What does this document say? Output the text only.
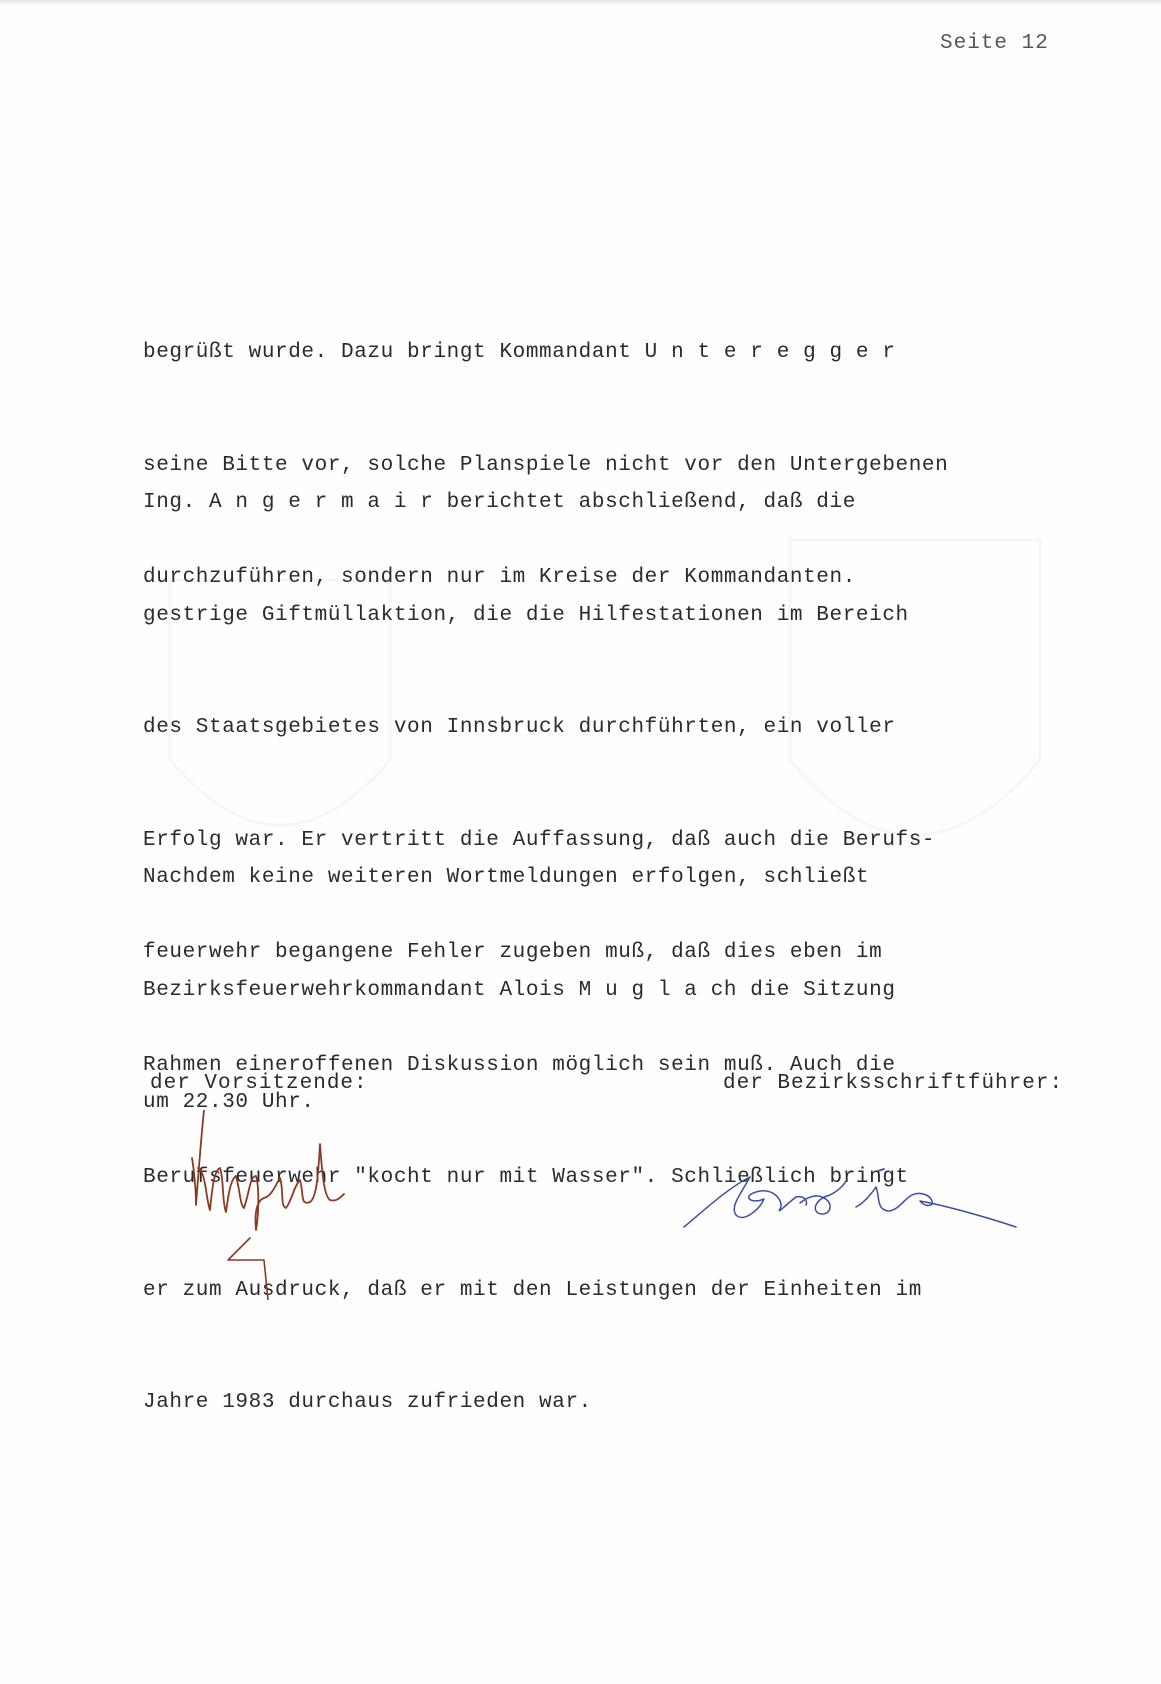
Seite 12

begrüßt wurde. Dazu bringt Kommandant U n t e r e g g e r

seine Bitte vor, solche Planspiele nicht vor den Untergebenen

durchzuführen, sondern nur im Kreise der Kommandanten.

Ing. A n g e r m a i r berichtet abschließend, daß die

gestrige Giftmüllaktion, die die Hilfestationen im Bereich

des Staatsgebietes von Innsbruck durchführten, ein voller

Erfolg war. Er vertritt die Auffassung, daß auch die Berufs-

feuerwehr begangene Fehler zugeben muß, daß dies eben im

Rahmen eineroffenen Diskussion möglich sein muß. Auch die

Berufsfeuerwehr "kocht nur mit Wasser". Schließlich bringt

er zum Ausdruck, daß er mit den Leistungen der Einheiten im

Jahre 1983 durchaus zufrieden war.

Nachdem keine weiteren Wortmeldungen erfolgen, schließt

Bezirksfeuerwehrkommandant Alois M u g l a ch die Sitzung

um 22.30 Uhr.

der Vorsitzende:	der Bezirksschriftführer:
